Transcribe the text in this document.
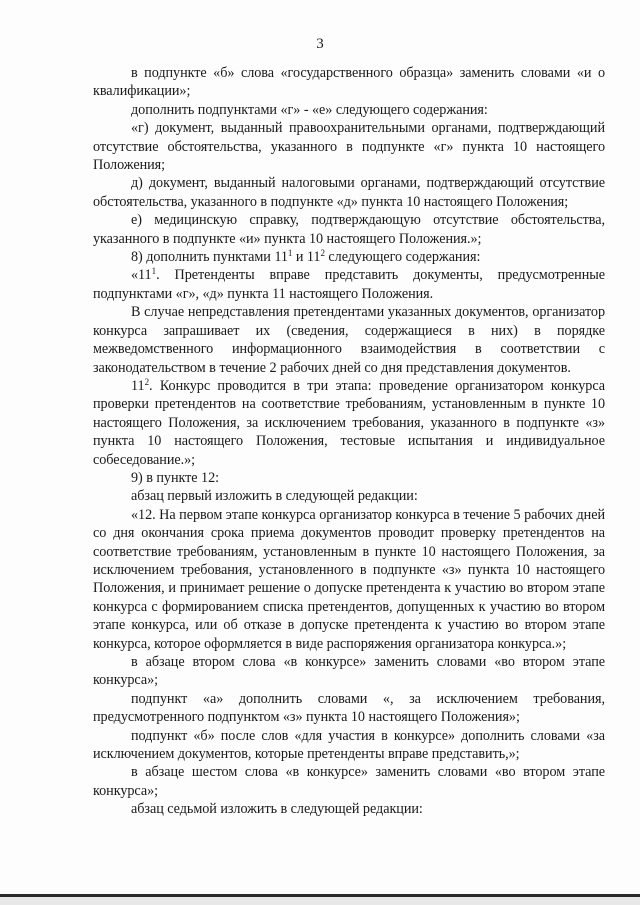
3

в подпункте «б» слова «государственного образца» заменить словами «и о квалификации»;

дополнить подпунктами «г» - «е» следующего содержания:

«г) документ, выданный правоохранительными органами, подтверждающий отсутствие обстоятельства, указанного в подпункте «г» пункта 10 настоящего Положения;

д) документ, выданный налоговыми органами, подтверждающий отсутствие обстоятельства, указанного в подпункте «д» пункта 10 настоящего Положения;

е) медицинскую справку, подтверждающую отсутствие обстоятельства, указанного в подпункте «и» пункта 10 настоящего Положения.»;

8) дополнить пунктами $11^1$ и $11^2$ следующего содержания:

«$11^1$. Претенденты вправе представить документы, предусмотренные подпунктами «г», «д» пункта 11 настоящего Положения.

В случае непредставления претендентами указанных документов, организатор конкурса запрашивает их (сведения, содержащиеся в них) в порядке межведомственного информационного взаимодействия в соответствии с законодательством в течение 2 рабочих дней со дня представления документов.

$11^2$. Конкурс проводится в три этапа: проведение организатором конкурса проверки претендентов на соответствие требованиям, установленным в пункте 10 настоящего Положения, за исключением требования, указанного в подпункте «з» пункта 10 настоящего Положения, тестовые испытания и индивидуальное собеседование.»;

9) в пункте 12:

абзац первый изложить в следующей редакции:

«12. На первом этапе конкурса организатор конкурса в течение 5 рабочих дней со дня окончания срока приема документов проводит проверку претендентов на соответствие требованиям, установленным в пункте 10 настоящего Положения, за исключением требования, установленного в подпункте «з» пункта 10 настоящего Положения, и принимает решение о допуске претендента к участию во втором этапе конкурса с формированием списка претендентов, допущенных к участию во втором этапе конкурса, или об отказе в допуске претендента к участию во втором этапе конкурса, которое оформляется в виде распоряжения организатора конкурса.»;

в абзаце втором слова «в конкурсе» заменить словами «во втором этапе конкурса»;

подпункт «а» дополнить словами «, за исключением требования, предусмотренного подпунктом «з» пункта 10 настоящего Положения»;

подпункт «б» после слов «для участия в конкурсе» дополнить словами «за исключением документов, которые претенденты вправе представить,»;

в абзаце шестом слова «в конкурсе» заменить словами «во втором этапе конкурса»;

абзац седьмой изложить в следующей редакции:
